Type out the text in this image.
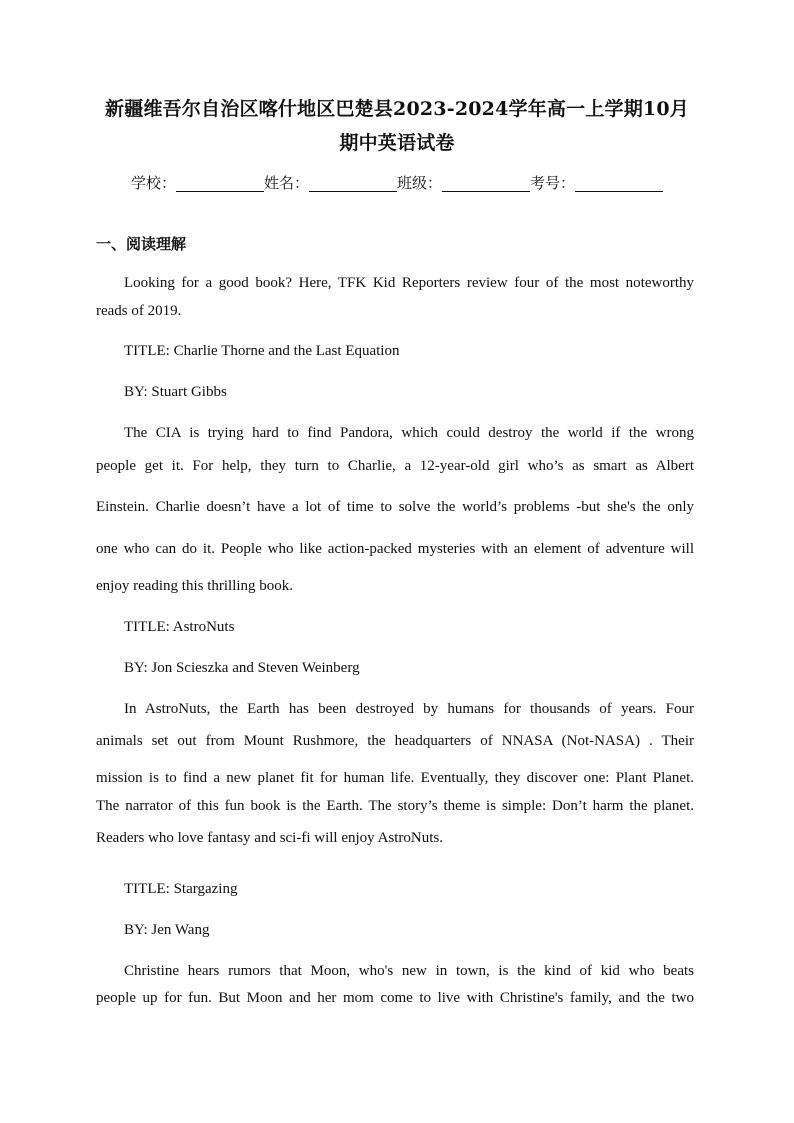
新疆维吾尔自治区喀什地区巴楚县2023-2024学年高一上学期10月
期中英语试卷
学校：	姓名：	班级：	考号：
一、阅读理解
Looking for a good book? Here, TFK Kid Reporters review four of the most noteworthy
reads of 2019.
TITLE: Charlie Thorne and the Last Equation
BY: Stuart Gibbs
The CIA is trying hard to find Pandora, which could destroy the world if the wrong
people get it. For help, they turn to Charlie, a 12-year-old girl who’s as smart as Albert
Einstein. Charlie doesn’t have a lot of time to solve the world’s problems -but she's the only
one who can do it. People who like action-packed mysteries with an element of adventure will
enjoy reading this thrilling book.
TITLE: AstroNuts
BY: Jon Scieszka and Steven Weinberg
In AstroNuts, the Earth has been destroyed by humans for thousands of years. Four
animals set out from Mount Rushmore, the headquarters of NNASA (Not-NASA) . Their
mission is to find a new planet fit for human life. Eventually, they discover one: Plant Planet.
The narrator of this fun book is the Earth. The story’s theme is simple: Don’t harm the planet.
Readers who love fantasy and sci-fi will enjoy AstroNuts.
TITLE: Stargazing
BY: Jen Wang
Christine hears rumors that Moon, who's new in town, is the kind of kid who beats
people up for fun. But Moon and her mom come to live with Christine's family, and the two
